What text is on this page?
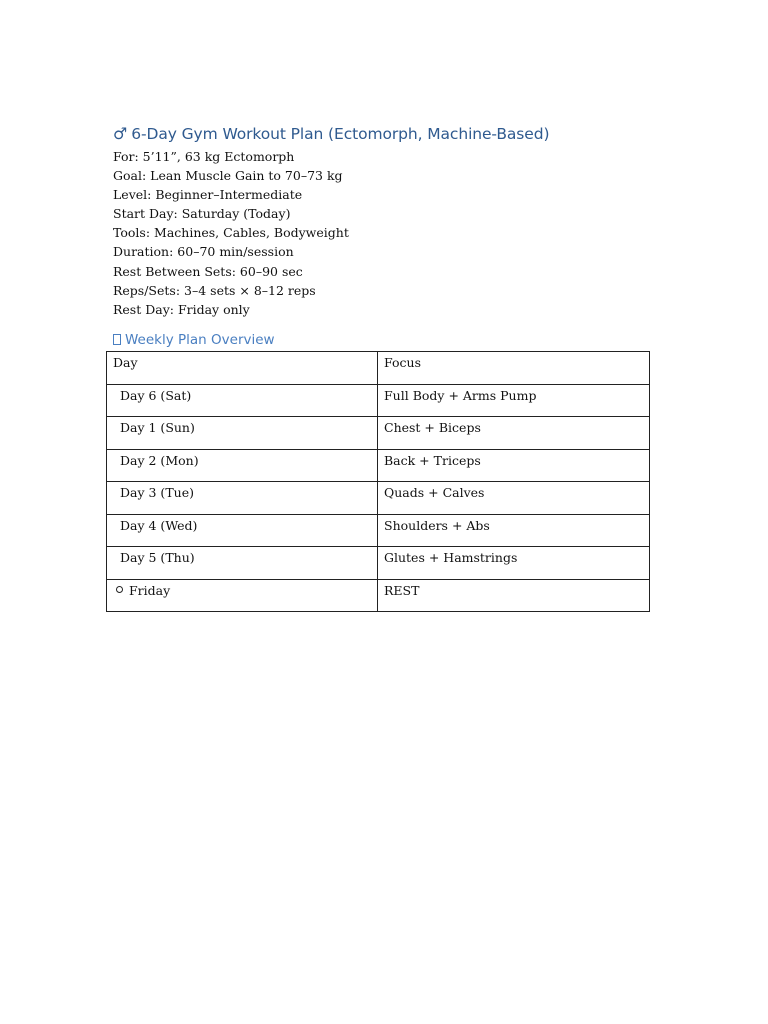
♂ 6-Day Gym Workout Plan (Ectomorph, Machine-Based)
For: 5’11”, 63 kg Ectomorph
Goal: Lean Muscle Gain to 70–73 kg
Level: Beginner–Intermediate
Start Day: Saturday (Today)
Tools: Machines, Cables, Bodyweight
Duration: 60–70 min/session
Rest Between Sets: 60–90 sec
Reps/Sets: 3–4 sets × 8–12 reps
Rest Day: Friday only
Weekly Plan Overview
Day	Focus

Day 6 (Sat)	Full Body + Arms Pump

Day 1 (Sun)	Chest + Biceps

Day 2 (Mon)	Back + Triceps

Day 3 (Tue)	Quads + Calves

Day 4 (Wed)	Shoulders + Abs

Day 5 (Thu)	Glutes + Hamstrings

Friday	REST
